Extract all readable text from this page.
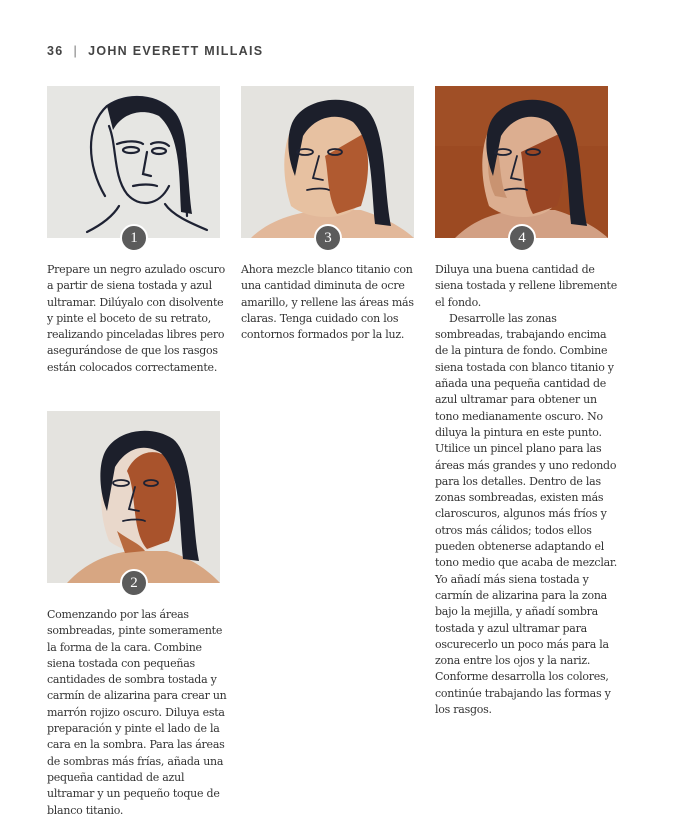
36 | JOHN EVERETT MILLAIS
1	3	4
2

Prepare un negro azulado oscuro a partir de siena tostada y azul ultramar. Dilúyalo con disolvente y pinte el boceto de su retrato, realizando pinceladas libres pero asegurándose de que los rasgos están colocados correctamente.

Ahora mezcle blanco titanio con una cantidad diminuta de ocre amarillo, y rellene las áreas más claras. Tenga cuidado con los contornos formados por la luz.

Diluya una buena cantidad de siena tostada y rellene libremente el fondo.

Desarrolle las zonas sombreadas, trabajando encima de la pintura de fondo. Combine siena tostada con blanco titanio y añada una pequeña cantidad de azul ultramar para obtener un tono medianamente oscuro. No diluya la pintura en este punto. Utilice un pincel plano para las áreas más grandes y uno redondo para los detalles. Dentro de las zonas sombreadas, existen más claroscuros, algunos más fríos y otros más cálidos; todos ellos pueden obtenerse adaptando el tono medio que acaba de mezclar. Yo añadí más siena tostada y carmín de alizarina para la zona bajo la mejilla, y añadí sombra tostada y azul ultramar para oscurecerlo un poco más para la zona entre los ojos y la nariz. Conforme desarrolla los colores, continúe trabajando las formas y los rasgos.

Comenzando por las áreas sombreadas, pinte someramente la forma de la cara. Combine siena tostada con pequeñas cantidades de sombra tostada y carmín de alizarina para crear un marrón rojizo oscuro. Diluya esta preparación y pinte el lado de la cara en la sombra. Para las áreas de sombras más frías, añada una pequeña cantidad de azul ultramar y un pequeño toque de blanco titanio.
